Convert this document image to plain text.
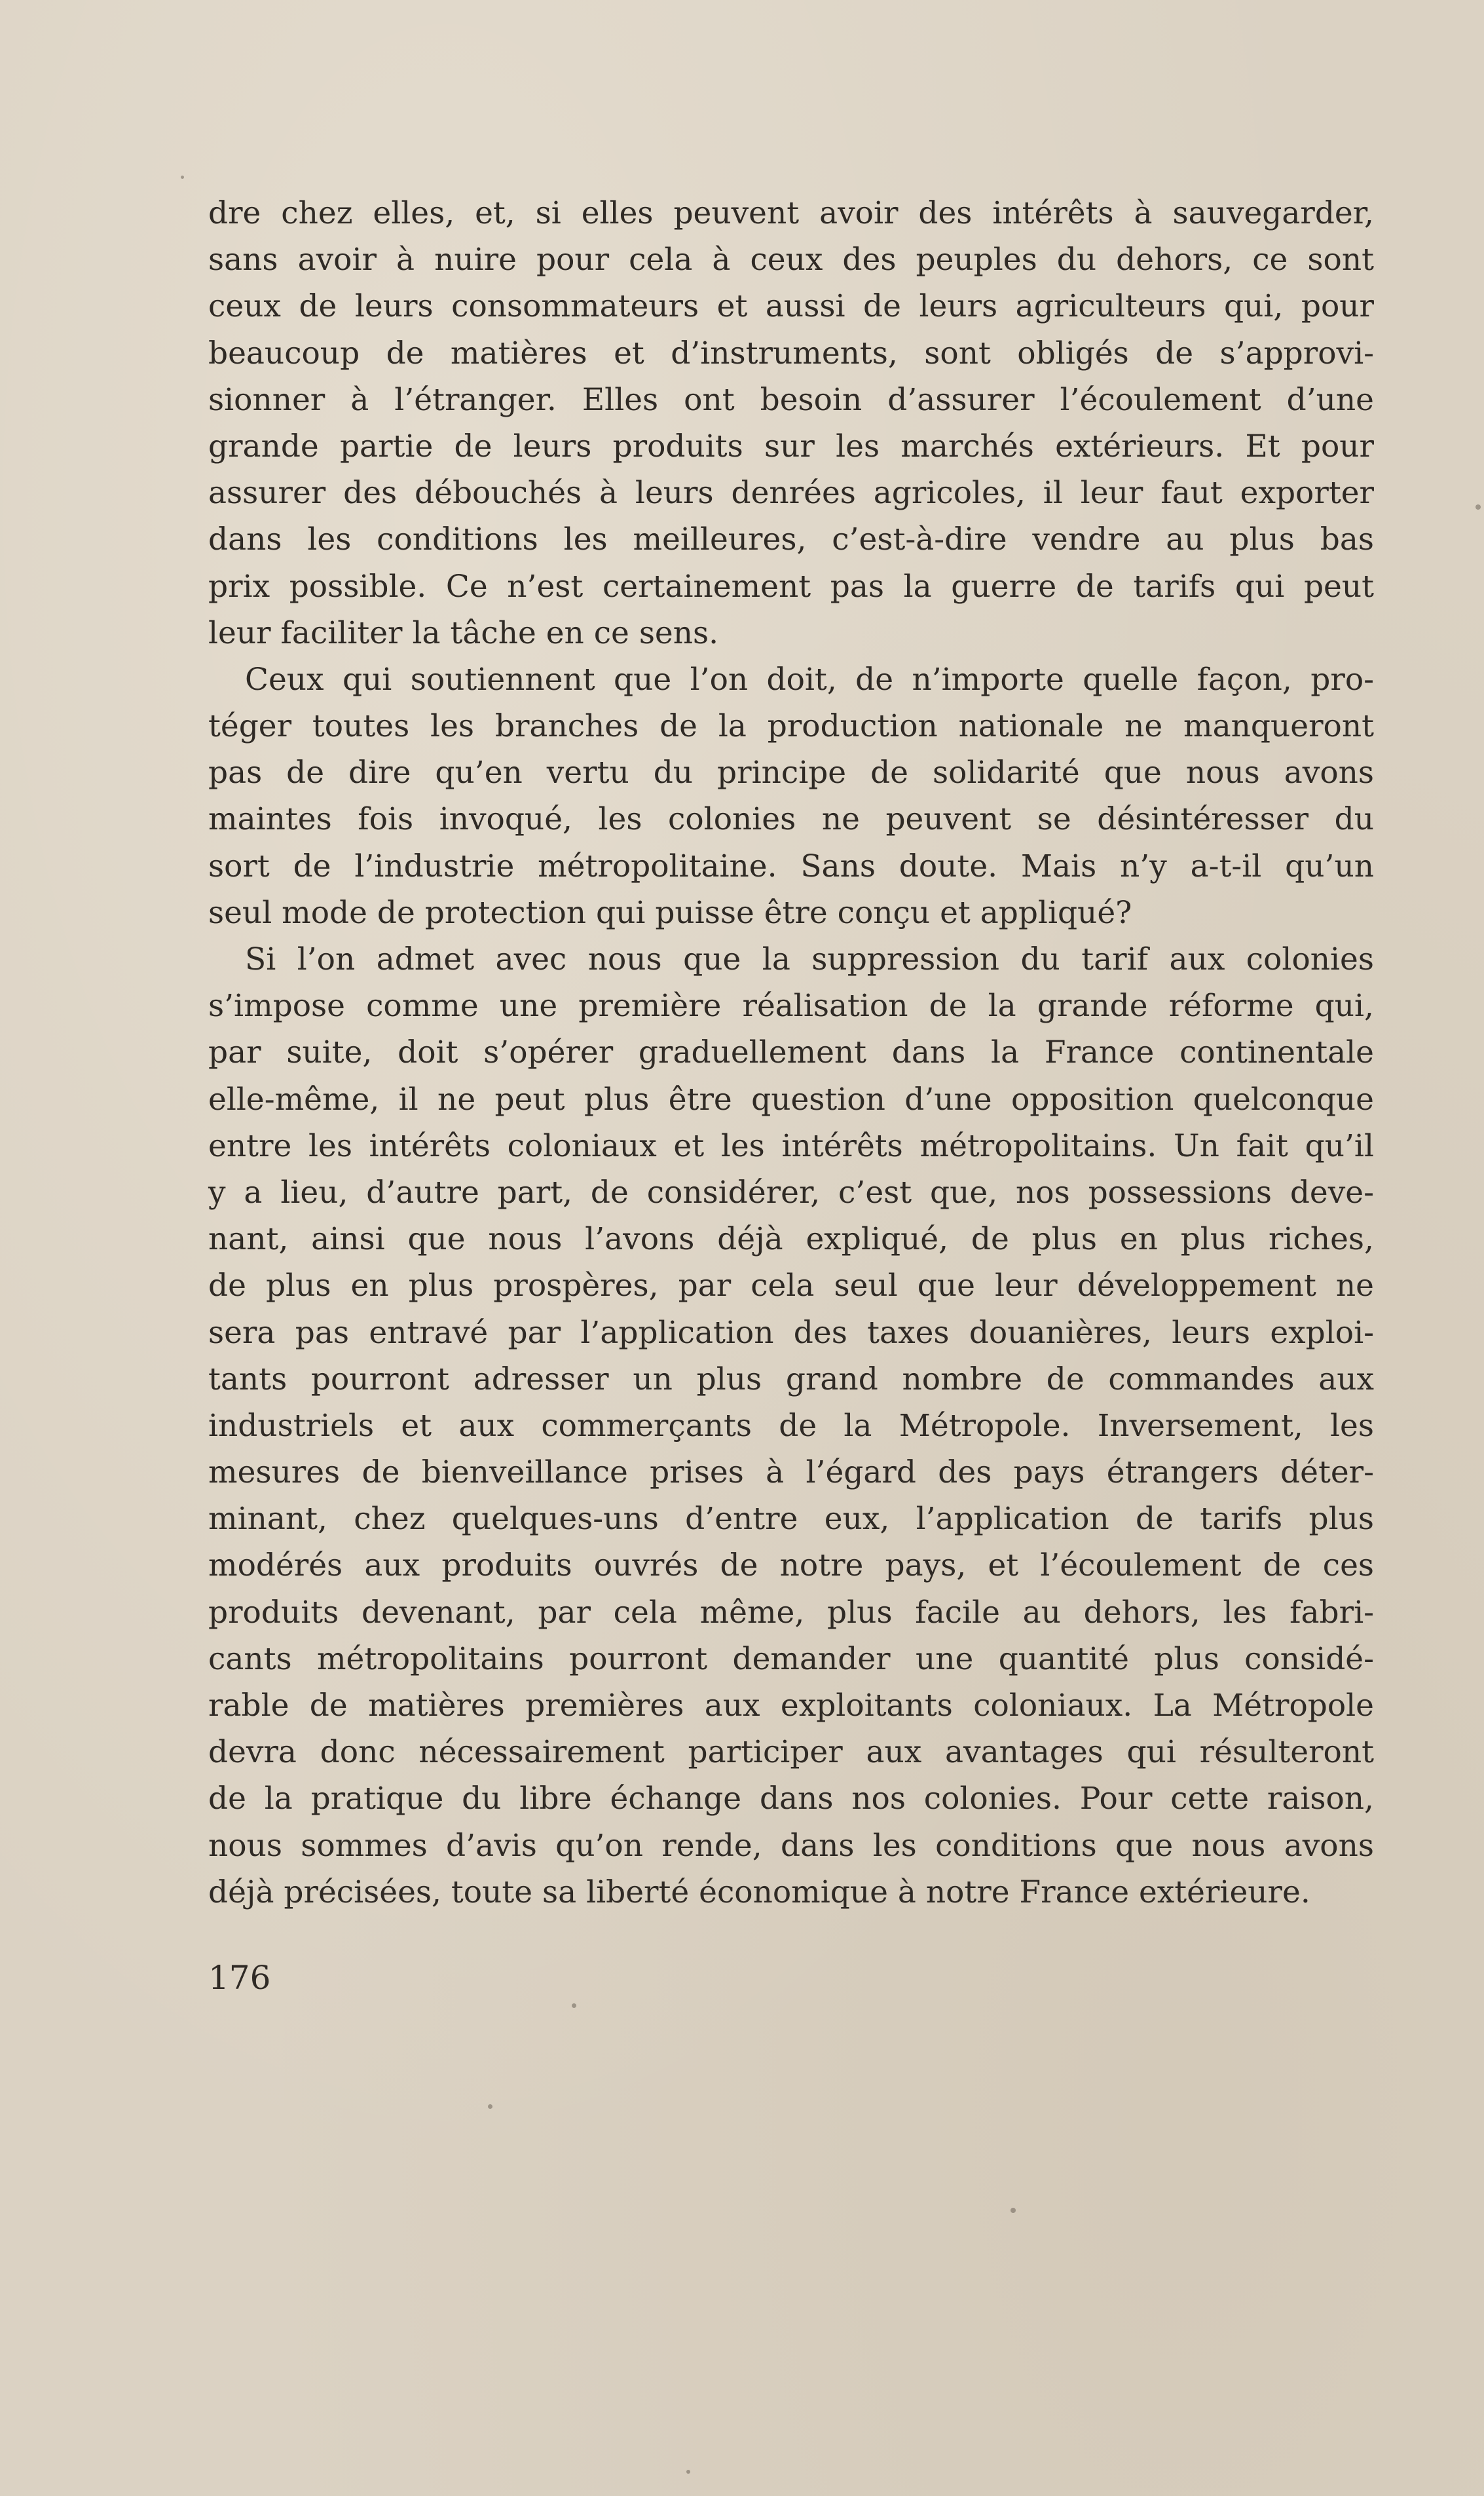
dre chez elles, et, si elles peuvent avoir des intérêts à sauvegarder,
sans avoir à nuire pour cela à ceux des peuples du dehors, ce sont
ceux de leurs consommateurs et aussi de leurs agriculteurs qui, pour
beaucoup de matières et d’instruments, sont obligés de s’approvi-
sionner à l’étranger. Elles ont besoin d’assurer l’écoulement d’une
grande partie de leurs produits sur les marchés extérieurs. Et pour
assurer des débouchés à leurs denrées agricoles, il leur faut exporter
dans les conditions les meilleures, c’est-à-dire vendre au plus bas
prix possible. Ce n’est certainement pas la guerre de tarifs qui peut
leur faciliter la tâche en ce sens.
Ceux qui soutiennent que l’on doit, de n’importe quelle façon, pro-
téger toutes les branches de la production nationale ne manqueront
pas de dire qu’en vertu du principe de solidarité que nous avons
maintes fois invoqué, les colonies ne peuvent se désintéresser du
sort de l’industrie métropolitaine. Sans doute. Mais n’y a-t-il qu’un
seul mode de protection qui puisse être conçu et appliqué?
Si l’on admet avec nous que la suppression du tarif aux colonies
s’impose comme une première réalisation de la grande réforme qui,
par suite, doit s’opérer graduellement dans la France continentale
elle-même, il ne peut plus être question d’une opposition quelconque
entre les intérêts coloniaux et les intérêts métropolitains. Un fait qu’il
y a lieu, d’autre part, de considérer, c’est que, nos possessions deve-
nant, ainsi que nous l’avons déjà expliqué, de plus en plus riches,
de plus en plus prospères, par cela seul que leur développement ne
sera pas entravé par l’application des taxes douanières, leurs exploi-
tants pourront adresser un plus grand nombre de commandes aux
industriels et aux commerçants de la Métropole. Inversement, les
mesures de bienveillance prises à l’égard des pays étrangers déter-
minant, chez quelques-uns d’entre eux, l’application de tarifs plus
modérés aux produits ouvrés de notre pays, et l’écoulement de ces
produits devenant, par cela même, plus facile au dehors, les fabri-
cants métropolitains pourront demander une quantité plus considé-
rable de matières premières aux exploitants coloniaux. La Métropole
devra donc nécessairement participer aux avantages qui résulteront
de la pratique du libre échange dans nos colonies. Pour cette raison,
nous sommes d’avis qu’on rende, dans les conditions que nous avons
déjà précisées, toute sa liberté économique à notre France extérieure.
176
